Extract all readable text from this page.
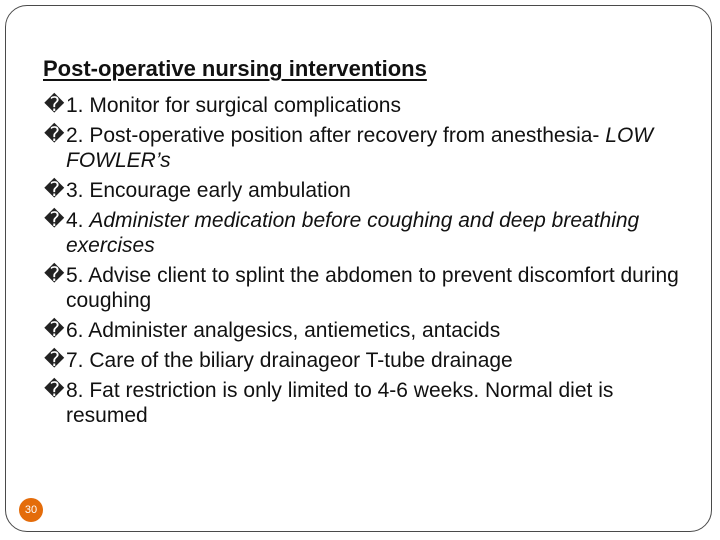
Post-operative nursing interventions
� 1. Monitor for surgical complications
� 2. Post-operative position after recovery from anesthesia- LOW FOWLER’s
� 3. Encourage early ambulation
� 4. Administer medication before coughing and deep breathing exercises
� 5. Advise client to splint the abdomen to prevent discomfort during coughing
� 6. Administer analgesics, antiemetics, antacids
� 7. Care of the biliary drainageor T-tube drainage
� 8. Fat restriction is only limited to 4-6 weeks. Normal diet is resumed
30
